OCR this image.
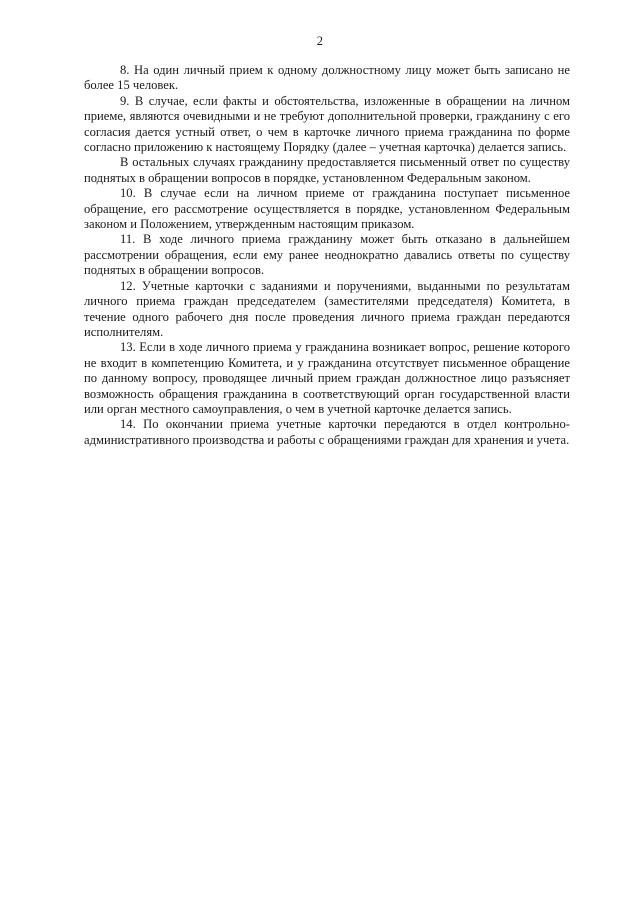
2

8. На один личный прием к одному должностному лицу может быть записано не более 15 человек.

9. В случае, если факты и обстоятельства, изложенные в обращении на личном приеме, являются очевидными и не требуют дополнительной проверки, гражданину с его согласия дается устный ответ, о чем в карточке личного приема гражданина по форме согласно приложению к настоящему Порядку (далее – учетная карточка) делается запись.

В остальных случаях гражданину предоставляется письменный ответ по существу поднятых в обращении вопросов в порядке, установленном Федеральным законом.

10. В случае если на личном приеме от гражданина поступает письменное обращение, его рассмотрение осуществляется в порядке, установленном Федеральным законом и Положением, утвержденным настоящим приказом.

11. В ходе личного приема гражданину может быть отказано в дальнейшем рассмотрении обращения, если ему ранее неоднократно давались ответы по существу поднятых в обращении вопросов.

12. Учетные карточки с заданиями и поручениями, выданными по результатам личного приема граждан председателем (заместителями председателя) Комитета, в течение одного рабочего дня после проведения личного приема граждан передаются исполнителям.

13. Если в ходе личного приема у гражданина возникает вопрос, решение которого не входит в компетенцию Комитета, и у гражданина отсутствует письменное обращение по данному вопросу, проводящее личный прием граждан должностное лицо разъясняет возможность обращения гражданина в соответствующий орган государственной власти или орган местного самоуправления, о чем в учетной карточке делается запись.

14. По окончании приема учетные карточки передаются в отдел контрольно-административного производства и работы с обращениями граждан для хранения и учета.
